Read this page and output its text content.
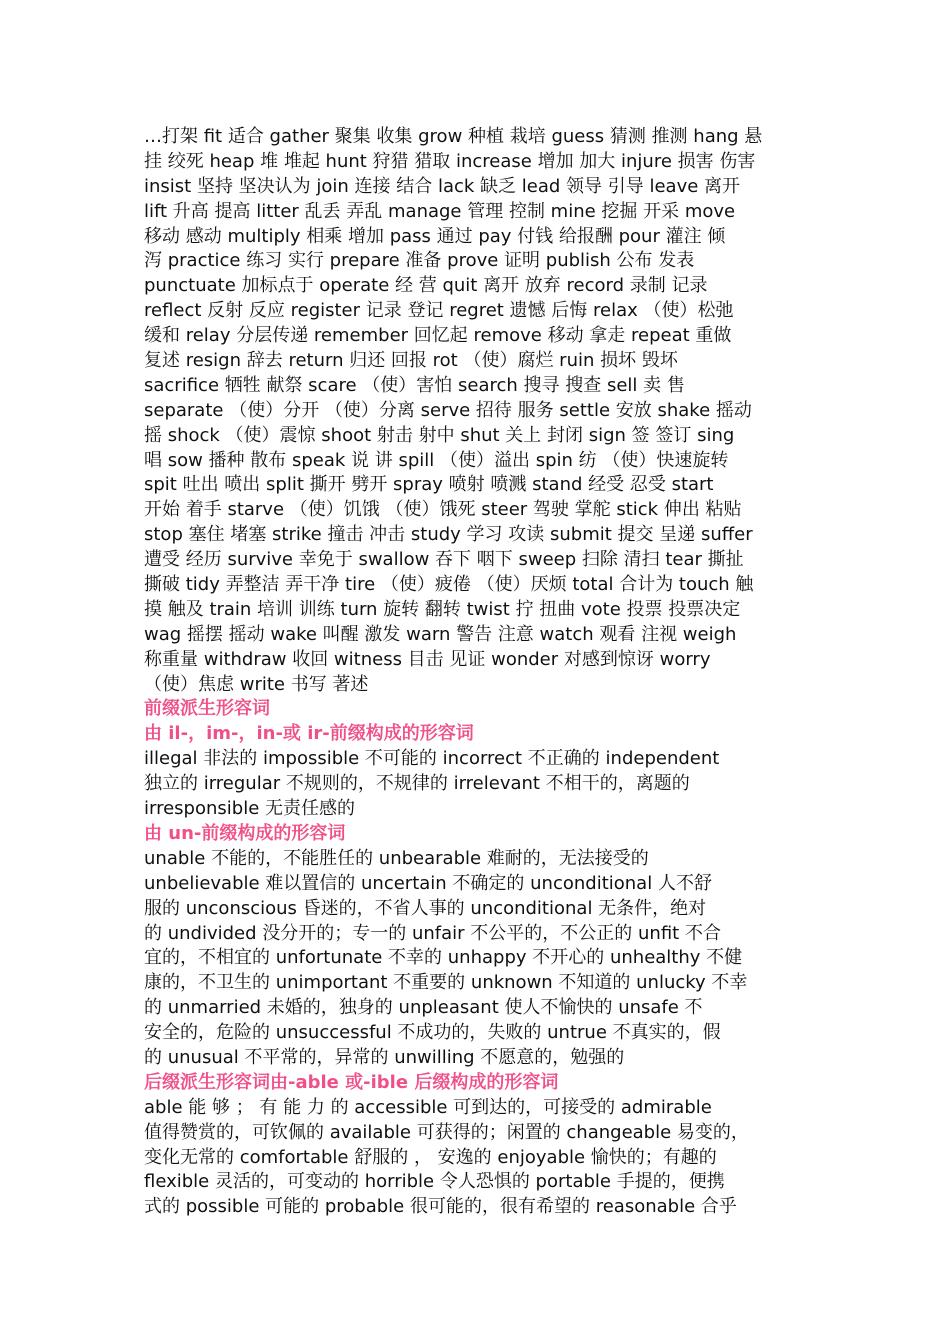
…打架 fit 适合 gather 聚集 收集 grow 种植 栽培 guess 猜测 推测 hang 悬
挂 绞死 heap 堆 堆起 hunt 狩猎 猎取 increase 增加 加大 injure 损害 伤害
insist 坚持 坚决认为 join 连接 结合 lack 缺乏 lead 领导 引导 leave 离开
lift 升高 提高 litter 乱丢 弄乱 manage 管理 控制 mine 挖掘 开采 move
移动 感动 multiply 相乘 增加 pass 通过 pay 付钱 给报酬 pour 灌注 倾
泻 practice 练习 实行 prepare 准备 prove 证明 publish 公布 发表
punctuate 加标点于 operate 经 营 quit 离开 放弃 record 录制 记录
reflect 反射 反应 register 记录 登记 regret 遗憾 后悔 relax （使）松弛
缓和 relay 分层传递 remember 回忆起 remove 移动 拿走 repeat 重做
复述 resign 辞去 return 归还 回报 rot （使）腐烂 ruin 损坏 毁坏
sacrifice 牺牲 献祭 scare （使）害怕 search 搜寻 搜查 sell 卖 售
separate （使）分开 （使）分离 serve 招待 服务 settle 安放 shake 摇动
摇 shock （使）震惊 shoot 射击 射中 shut 关上 封闭 sign 签 签订 sing
唱 sow 播种 散布 speak 说 讲 spill （使）溢出 spin 纺 （使）快速旋转
spit 吐出 喷出 split 撕开 劈开 spray 喷射 喷溅 stand 经受 忍受 start
开始 着手 starve （使）饥饿 （使）饿死 steer 驾驶 掌舵 stick 伸出 粘贴
stop 塞住 堵塞 strike 撞击 冲击 study 学习 攻读 submit 提交 呈递 suffer
遭受 经历 survive 幸免于 swallow 吞下 咽下 sweep 扫除 清扫 tear 撕扯
撕破 tidy 弄整洁 弄干净 tire （使）疲倦 （使）厌烦 total 合计为 touch 触
摸 触及 train 培训 训练 turn 旋转 翻转 twist 拧 扭曲 vote 投票 投票决定
wag 摇摆 摇动 wake 叫醒 激发 warn 警告 注意 watch 观看 注视 weigh
称重量 withdraw 收回 witness 目击 见证 wonder 对感到惊讶 worry
（使）焦虑 write 书写 著述
前缀派生形容词
由 il-，im-，in-或 ir-前缀构成的形容词
illegal 非法的 impossible 不可能的 incorrect 不正确的 independent
独立的 irregular 不规则的，不规律的 irrelevant 不相干的，离题的
irresponsible 无责任感的
由 un-前缀构成的形容词
unable 不能的，不能胜任的 unbearable 难耐的，无法接受的
unbelievable 难以置信的 uncertain 不确定的 unconditional 人不舒
服的 unconscious 昏迷的，不省人事的 unconditional 无条件，绝对
的 undivided 没分开的；专一的 unfair 不公平的，不公正的 unfit 不合
宜的，不相宜的 unfortunate 不幸的 unhappy 不开心的 unhealthy 不健
康的，不卫生的 unimportant 不重要的 unknown 不知道的 unlucky 不幸
的 unmarried 未婚的，独身的 unpleasant 使人不愉快的 unsafe 不
安全的，危险的 unsuccessful 不成功的，失败的 untrue 不真实的，假
的 unusual 不平常的，异常的 unwilling 不愿意的，勉强的
后缀派生形容词由-able 或-ible 后缀构成的形容词
able 能 够 ； 有 能 力 的 accessible 可到达的，可接受的 admirable
值得赞赏的，可钦佩的 available 可获得的；闲置的 changeable 易变的，
变化无常的 comfortable 舒服的 ， 安逸的 enjoyable 愉快的；有趣的
flexible 灵活的，可变动的 horrible 令人恐惧的 portable 手提的，便携
式的 possible 可能的 probable 很可能的，很有希望的 reasonable 合乎
